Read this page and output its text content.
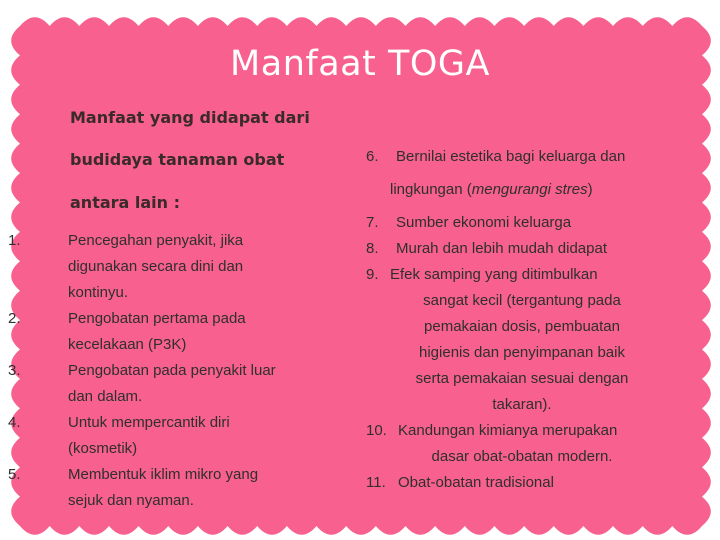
Manfaat TOGA
Manfaat yang didapat dari
budidaya tanaman obat
antara lain :
1.	Pencegahan penyakit, jika
digunakan secara dini dan
kontinyu.
2.	Pengobatan pertama pada
kecelakaan (P3K)
3.	Pengobatan pada penyakit luar
dan dalam.
4.	Untuk mempercantik diri
(kosmetik)
5.	Membentuk iklim mikro yang
sejuk dan nyaman.
6. Bernilai estetika bagi keluarga dan
lingkungan (mengurangi stres)
7. Sumber ekonomi keluarga
8. Murah dan lebih mudah didapat
9. Efek samping yang ditimbulkan
sangat kecil (tergantung pada
pemakaian dosis, pembuatan
higienis dan penyimpanan baik
serta pemakaian sesuai dengan
takaran).
10. Kandungan kimianya merupakan
dasar obat-obatan modern.
11. Obat-obatan tradisional
